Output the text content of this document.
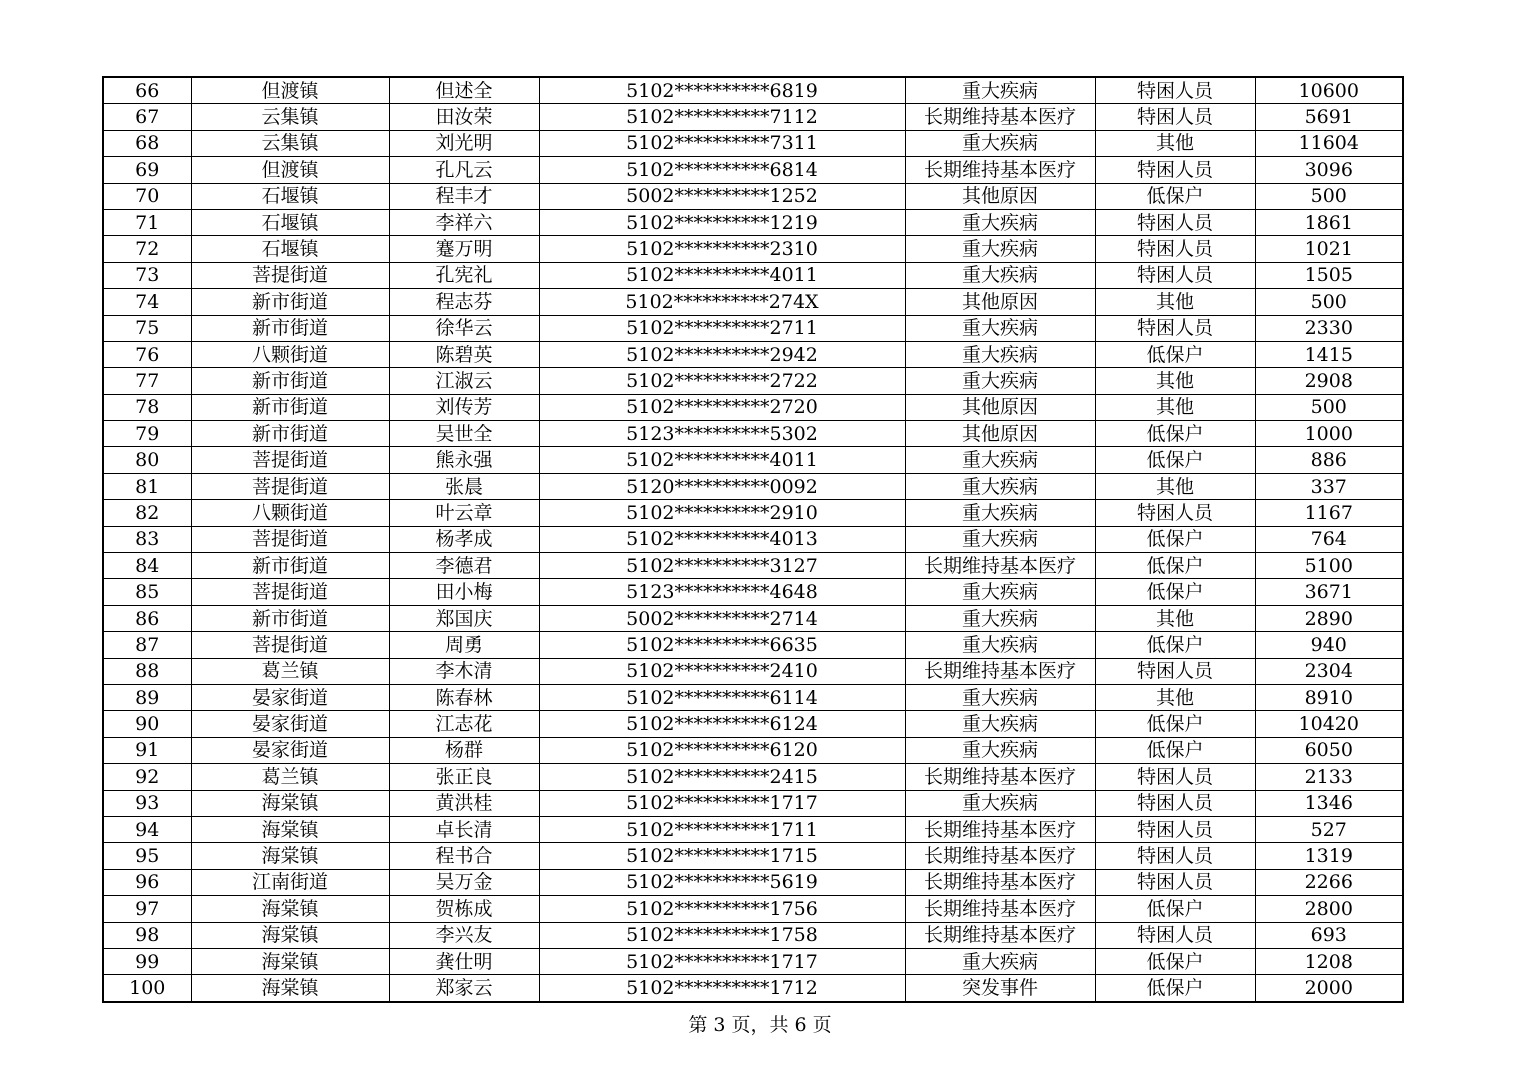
66	但渡镇	但述全	5102**********6819	重大疾病	特困人员	10600
67	云集镇	田汝荣	5102**********7112	长期维持基本医疗	特困人员	5691
68	云集镇	刘光明	5102**********7311	重大疾病	其他	11604
69	但渡镇	孔凡云	5102**********6814	长期维持基本医疗	特困人员	3096
70	石堰镇	程丰才	5002**********1252	其他原因	低保户	500
71	石堰镇	李祥六	5102**********1219	重大疾病	特困人员	1861
72	石堰镇	蹇万明	5102**********2310	重大疾病	特困人员	1021
73	菩提街道	孔宪礼	5102**********4011	重大疾病	特困人员	1505
74	新市街道	程志芬	5102**********274X	其他原因	其他	500
75	新市街道	徐华云	5102**********2711	重大疾病	特困人员	2330
76	八颗街道	陈碧英	5102**********2942	重大疾病	低保户	1415
77	新市街道	江淑云	5102**********2722	重大疾病	其他	2908
78	新市街道	刘传芳	5102**********2720	其他原因	其他	500
79	新市街道	吴世全	5123**********5302	其他原因	低保户	1000
80	菩提街道	熊永强	5102**********4011	重大疾病	低保户	886
81	菩提街道	张晨	5120**********0092	重大疾病	其他	337
82	八颗街道	叶云章	5102**********2910	重大疾病	特困人员	1167
83	菩提街道	杨孝成	5102**********4013	重大疾病	低保户	764
84	新市街道	李德君	5102**********3127	长期维持基本医疗	低保户	5100
85	菩提街道	田小梅	5123**********4648	重大疾病	低保户	3671
86	新市街道	郑国庆	5002**********2714	重大疾病	其他	2890
87	菩提街道	周勇	5102**********6635	重大疾病	低保户	940
88	葛兰镇	李木清	5102**********2410	长期维持基本医疗	特困人员	2304
89	晏家街道	陈春林	5102**********6114	重大疾病	其他	8910
90	晏家街道	江志花	5102**********6124	重大疾病	低保户	10420
91	晏家街道	杨群	5102**********6120	重大疾病	低保户	6050
92	葛兰镇	张正良	5102**********2415	长期维持基本医疗	特困人员	2133
93	海棠镇	黄洪桂	5102**********1717	重大疾病	特困人员	1346
94	海棠镇	卓长清	5102**********1711	长期维持基本医疗	特困人员	527
95	海棠镇	程书合	5102**********1715	长期维持基本医疗	特困人员	1319
96	江南街道	吴万金	5102**********5619	长期维持基本医疗	特困人员	2266
97	海棠镇	贺栋成	5102**********1756	长期维持基本医疗	低保户	2800
98	海棠镇	李兴友	5102**********1758	长期维持基本医疗	特困人员	693
99	海棠镇	龚仕明	5102**********1717	重大疾病	低保户	1208
100	海棠镇	郑家云	5102**********1712	突发事件	低保户	2000
第 3 页，共 6 页
